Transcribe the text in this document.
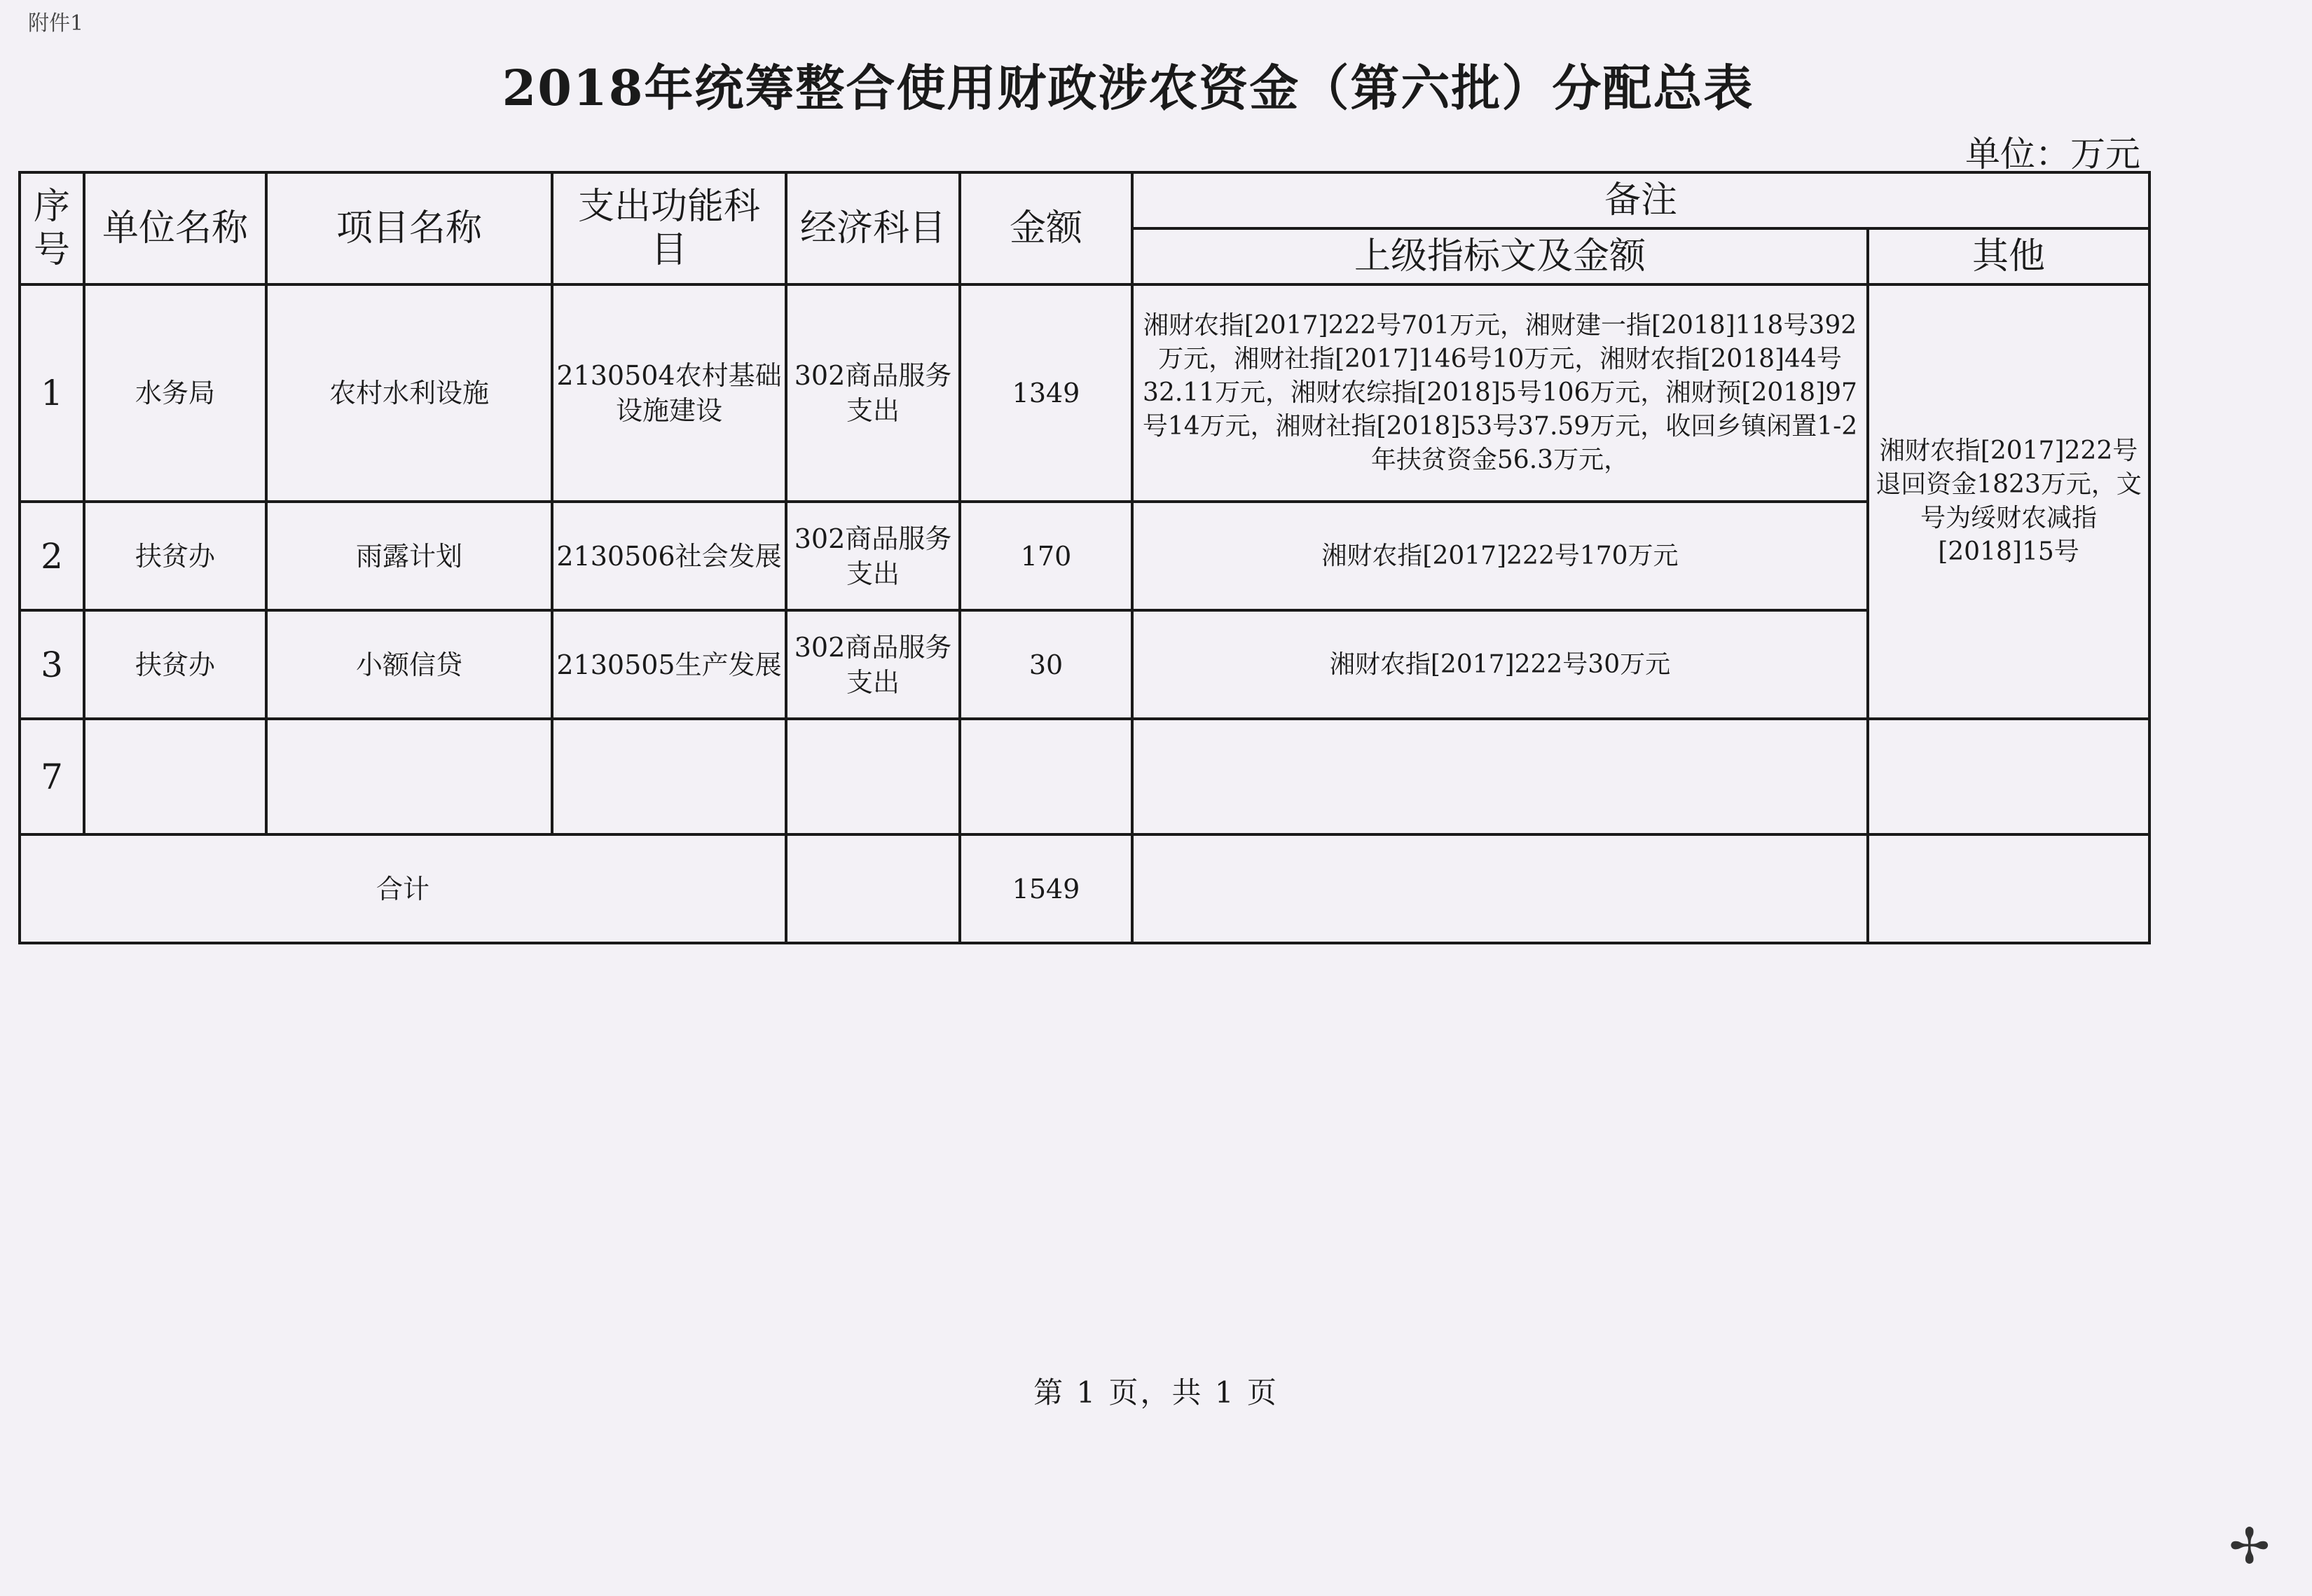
附件1
2018年统筹整合使用财政涉农资金（第六批）分配总表
单位：万元
序号	单位名称	项目名称	支出功能科目	经济科目	金额	备注	
						上级指标文及金额	其他
1	水务局	农村水利设施	2130504农村基础设施建设	302商品服务支出	1349	湘财农指[2017]222号701万元，湘财建一指[2018]118号392万元，湘财社指[2017]146号10万元，湘财农指[2018]44号32.11万元，湘财农综指[2018]5号106万元，湘财预[2018]97号14万元，湘财社指[2018]53号37.59万元，收回乡镇闲置1-2年扶贫资金56.3万元，	湘财农指[2017]222号退回资金1823万元，文号为绥财农减指[2018]15号
2	扶贫办	雨露计划	2130506社会发展	302商品服务支出	170	湘财农指[2017]222号170万元	
3	扶贫办	小额信贷	2130505生产发展	302商品服务支出	30	湘财农指[2017]222号30万元	
7							
合计					1549		
第 1 页，共 1 页
✢
